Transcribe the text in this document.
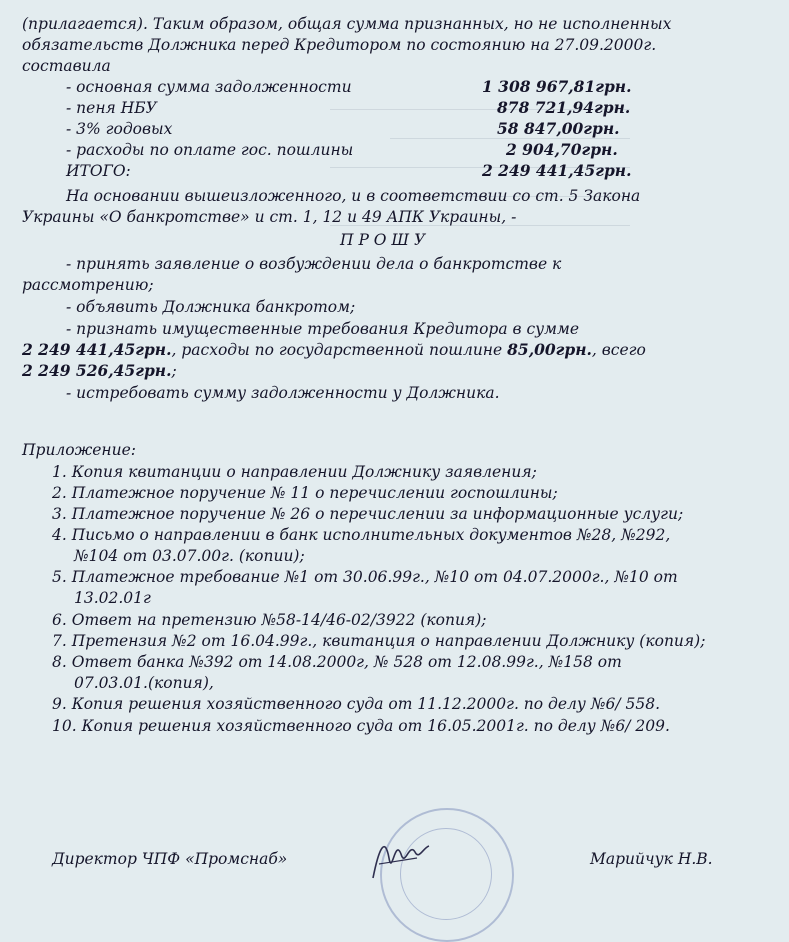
(прилагается). Таким образом, общая сумма признанных, но не исполненных
обязательств Должника перед Кредитором по состоянию на 27.09.2000г.
составила
- основная сумма задолженности	1 308 967,81грн.
- пеня НБУ	878 721,94грн.
- 3% годовых	58 847,00грн.
- расходы по оплате гос. пошлины	2 904,70грн.
ИТОГО:	2 249 441,45грн.
На основании вышеизложенного, и в соответствии со ст. 5 Закона
Украины «О банкротстве» и ст. 1, 12 и 49 АПК Украины, -
П Р О Ш У
- принять заявление о возбуждении дела о банкротстве к
рассмотрению;
- объявить Должника банкротом;
- признать имущественные требования Кредитора в сумме
2 249 441,45грн., расходы по государственной пошлине 85,00грн., всего
2 249 526,45грн.;
- истребовать сумму задолженности у Должника.
Приложение:
1. Копия квитанции о направлении Должнику заявления;
2. Платежное поручение № 11 о перечислении госпошлины;
3. Платежное поручение № 26 о перечислении за информационные услуги;
4. Письмо о направлении в банк исполнительных документов №28, №292,
№104 от 03.07.00г. (копии);
5. Платежное требование №1 от 30.06.99г., №10 от 04.07.2000г., №10 от
13.02.01г
6. Ответ на претензию №58-14/46-02/3922 (копия);
7. Претензия №2 от 16.04.99г., квитанция о направлении Должнику (копия);
8. Ответ банка №392 от 14.08.2000г, № 528 от 12.08.99г., №158 от
07.03.01.(копия),
9. Копия решения хозяйственного суда от 11.12.2000г. по делу №6/ 558.
10. Копия решения хозяйственного суда от 16.05.2001г. по делу №6/ 209.
Директор ЧПФ «Промснаб»	Марийчук Н.В.
